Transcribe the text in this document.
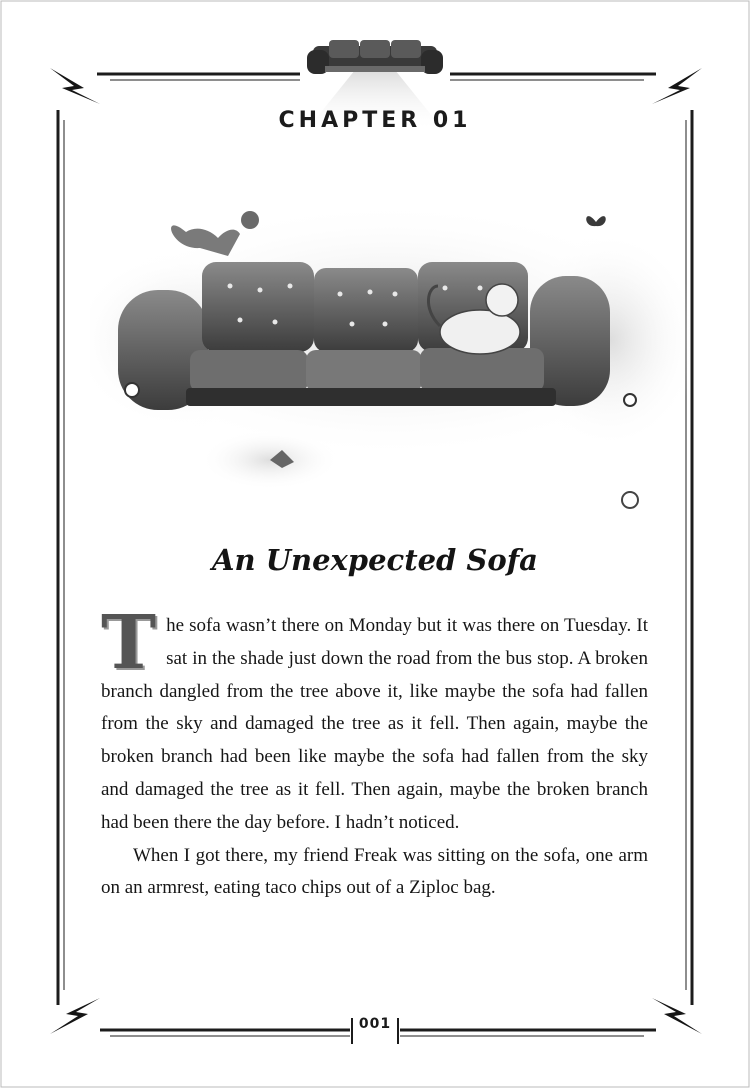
CHAPTER 01
An Unexpected Sofa
T he sofa wasn’t there on Monday but it was there on Tuesday. It sat in the shade just down the road from the bus stop. A broken branch dangled from the tree above it, like maybe the sofa had fallen from the sky and damaged the tree as it fell. Then again, maybe the broken branch had been like maybe the sofa had fallen from the sky and damaged the tree as it fell. Then again, maybe the broken branch had been there the day before. I hadn’t noticed.

When I got there, my friend Freak was sitting on the sofa, one arm on an armrest, eating taco chips out of a Ziploc bag.

001
